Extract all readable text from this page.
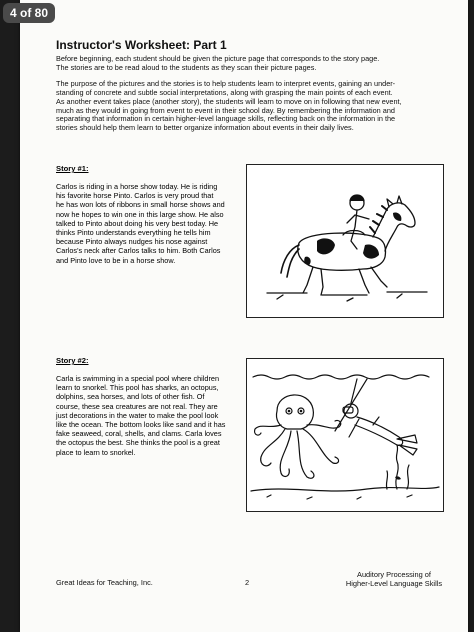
Instructor's Worksheet: Part 1

Before beginning, each student should be given the picture page that corresponds to the story page.

The stories are to be read aloud to the students as they scan their picture pages.

The purpose of the pictures and the stories is to help students learn to interpret events, gaining an under-

standing of concrete and subtle social interpretations, along with grasping the main points of each event.

As another event takes place (another story), the students will learn to move on in following that new event,

much as they would in going from event to event in their school day. By remembering the information and

separating that information in certain higher-level language skills, reflecting back on the information in the

stories should help them learn to better organize information about events in their daily lives.

Story #1:
Carlos is riding in a horse show today. He is riding
his favorite horse Pinto. Carlos is very proud that
he has won lots of ribbons in small horse shows and
now he hopes to win one in this large show. He also
talked to Pinto about doing his very best today. He
thinks Pinto understands everything he tells him
because Pinto always nudges his nose against
Carlos's neck after Carlos talks to him. Both Carlos
and Pinto love to be in a horse show.
Story #2:
Carla is swimming in a special pool where children
learn to snorkel. This pool has sharks, an octopus,
dolphins, sea horses, and lots of other fish. Of
course, these sea creatures are not real. They are
just decorations in the water to make the pool look
like the ocean. The bottom looks like sand and it has
fake seaweed, coral, shells, and clams. Carla loves
the octopus the best. She thinks the pool is a great
place to learn to snorkel.
Great Ideas for Teaching, Inc.	2
Auditory Processing of
Higher-Level Language Skills
4 of 80
